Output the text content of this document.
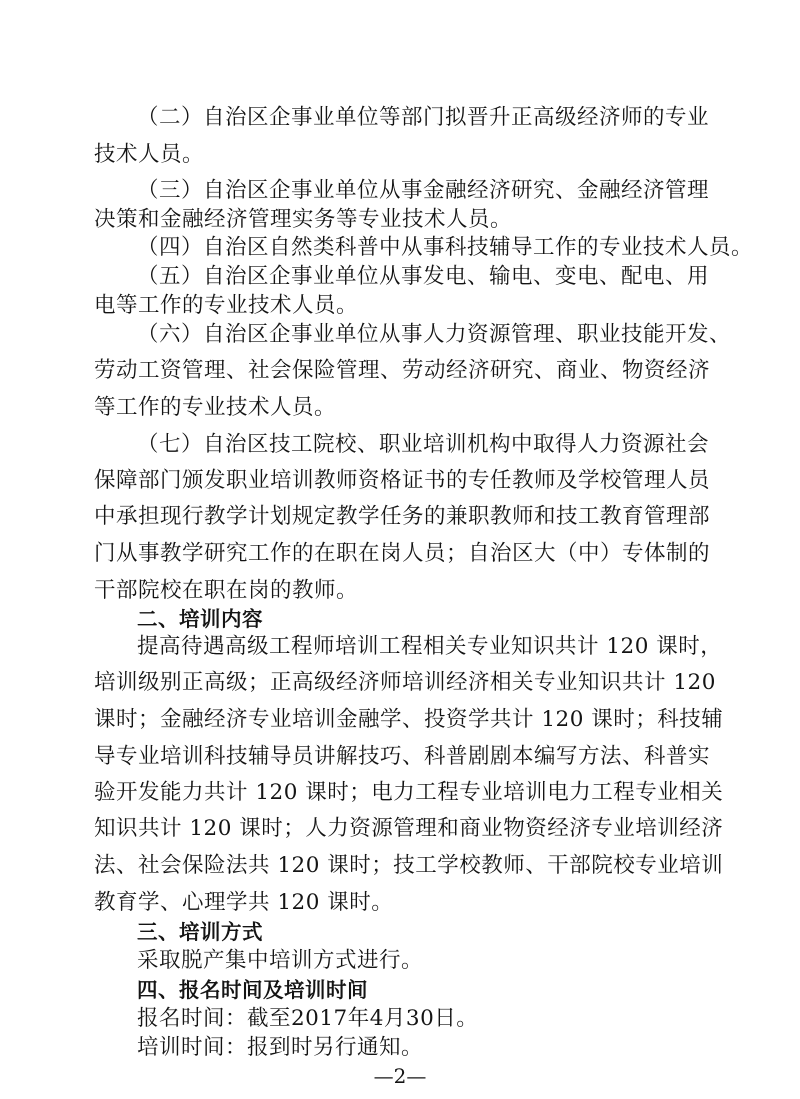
（二）自治区企事业单位等部门拟晋升正高级经济师的专业
技术人员。
（三）自治区企事业单位从事金融经济研究、金融经济管理
决策和金融经济管理实务等专业技术人员。
（四）自治区自然类科普中从事科技辅导工作的专业技术人员。
（五）自治区企事业单位从事发电、输电、变电、配电、用
电等工作的专业技术人员。
（六）自治区企事业单位从事人力资源管理、职业技能开发、
劳动工资管理、社会保险管理、劳动经济研究、商业、物资经济
等工作的专业技术人员。
（七）自治区技工院校、职业培训机构中取得人力资源社会
保障部门颁发职业培训教师资格证书的专任教师及学校管理人员
中承担现行教学计划规定教学任务的兼职教师和技工教育管理部
门从事教学研究工作的在职在岗人员；自治区大（中）专体制的
干部院校在职在岗的教师。
二、培训内容
提高待遇高级工程师培训工程相关专业知识共计 120 课时，
培训级别正高级；正高级经济师培训经济相关专业知识共计 120
课时；金融经济专业培训金融学、投资学共计 120 课时；科技辅
导专业培训科技辅导员讲解技巧、科普剧剧本编写方法、科普实
验开发能力共计 120 课时；电力工程专业培训电力工程专业相关
知识共计 120 课时；人力资源管理和商业物资经济专业培训经济
法、社会保险法共 120 课时；技工学校教师、干部院校专业培训
教育学、心理学共 120 课时。
三、培训方式
采取脱产集中培训方式进行。
四、报名时间及培训时间
报名时间：截至2017年4月30日。
培训时间：报到时另行通知。
—2—
